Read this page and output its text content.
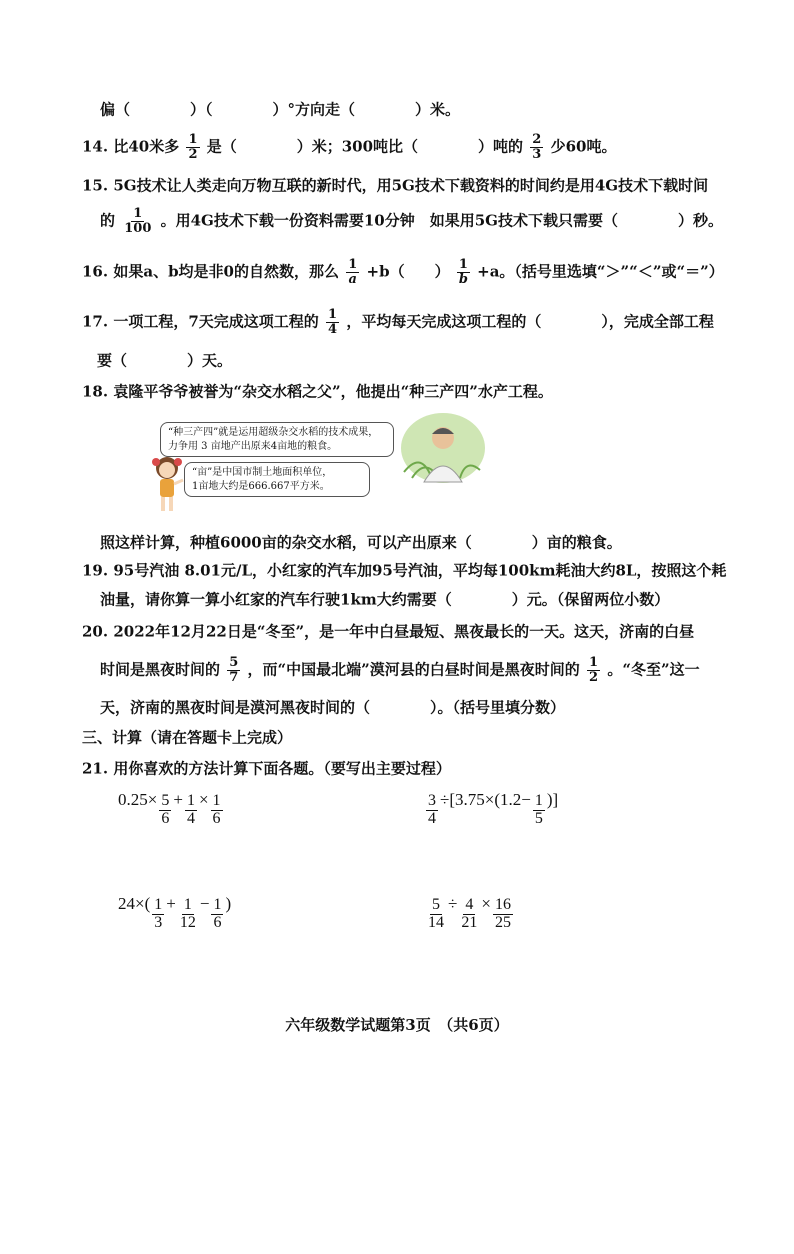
偏（　　　　）（　　　　）°方向走（　　　　）米。
14. 比40米多 $\frac{1}{2}$ 是（　　　　）米；300吨比（　　　　）吨的 $\frac{2}{3}$ 少60吨。
15. 5G技术让人类走向万物互联的新时代，用5G技术下载资料的时间约是用4G技术下载时间
的 $\frac{1}{100}$ 。用4G技术下载一份资料需要10分钟　如果用5G技术下载只需要（　　　　）秒。
16. 如果a、b均是非0的自然数，那么 $\frac{1}{a} +b$（　　） $\frac{1}{b} +a$。（括号里选填“＞”“＜”或“＝”）
17. 一项工程，7天完成这项工程的 $\frac{1}{4}$ ，平均每天完成这项工程的（　　　　），完成全部工程
要（　　　　）天。
18. 袁隆平爷爷被誉为“杂交水稻之父”，他提出“种三产四”水产工程。
“种三产四”就是运用超级杂交水稻的技术成果，
力争用 3 亩地产出原来4亩地的粮食。
“亩”是中国市制土地面积单位，
1亩地大约是666.667平方米。
照这样计算，种植6000亩的杂交水稻，可以产出原来（　　　　）亩的粮食。
19. 95号汽油 8.01元/L，小红家的汽车加95号汽油，平均每100km耗油大约8L，按照这个耗
油量，请你算一算小红家的汽车行驶1km大约需要（　　　　）元。（保留两位小数）
20. 2022年12月22日是“冬至”，是一年中白昼最短、黑夜最长的一天。这天，济南的白昼
时间是黑夜时间的 $\frac{5}{7}$ ，而“中国最北端”漠河县的白昼时间是黑夜时间的 $\frac{1}{2}$ 。“冬至”这一
天，济南的黑夜时间是漠河黑夜时间的（　　　　）。（括号里填分数）
三、计算（请在答题卡上完成）
21. 用你喜欢的方法计算下面各题。（要写出主要过程）
$0.25\times \frac{5}{6} + \frac{1}{4} \times \frac{1}{6}$	$\frac{3}{4} \div[3.75\times(1.2- \frac{1}{5}$ )]
$24\times( \frac{1}{3} + \frac{1}{12} - \frac{1}{6}$ )	$\frac{5}{14} \div \frac{4}{21} \times \frac{16}{25}$
六年级数学试题第3页　（共6页）
